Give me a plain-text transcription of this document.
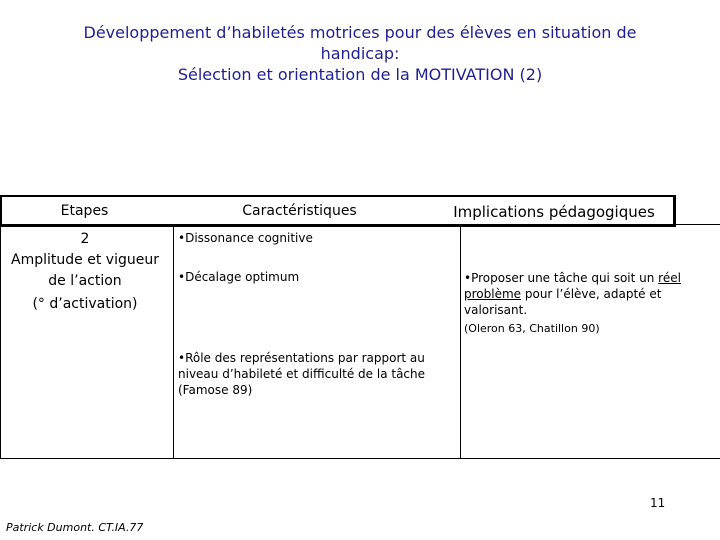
Développement d’habiletés motrices pour des élèves en situation de
handicap:
Sélection et orientation de la MOTIVATION (2)
Etapes	Caractéristiques	Implications pédagogiques
2
Amplitude et vigueur
de l’action
(° d’activation)
•Dissonance cognitive
•Décalage optimum
•Rôle des représentations par rapport au niveau d’habileté et difficulté de la tâche (Famose 89)
•Proposer une tâche qui soit un réel problème pour l’élève, adapté et valorisant.
(Oleron 63, Chatillon 90)
11
Patrick Dumont. CT.IA.77
